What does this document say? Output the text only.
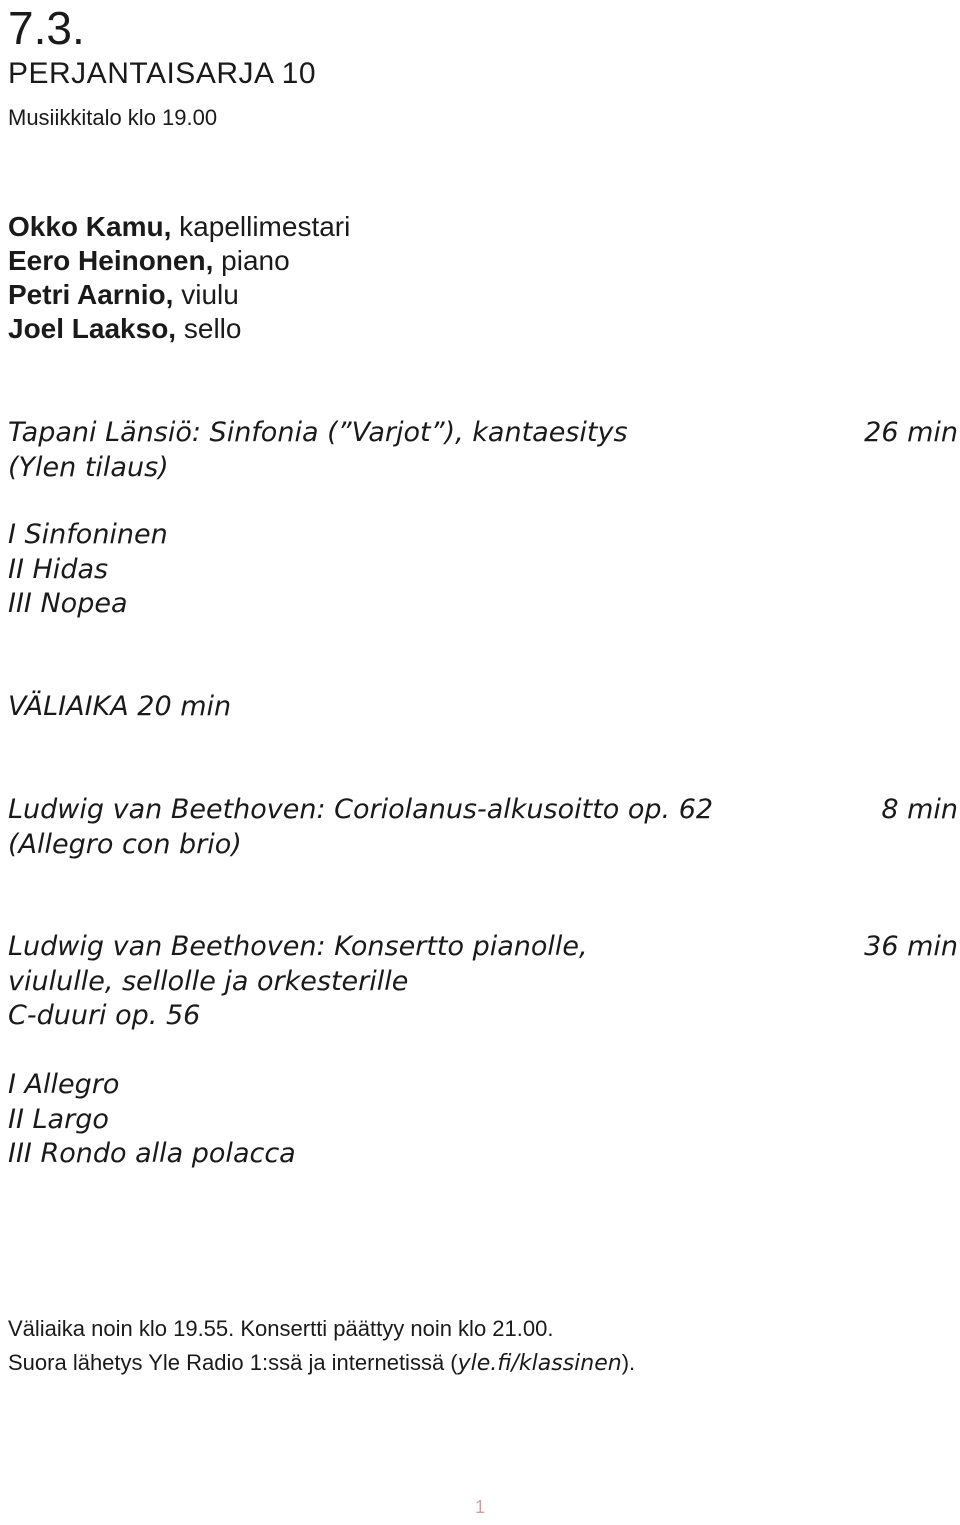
7.3.
PERJANTAISARJA 10
Musiikkitalo klo 19.00
Okko Kamu, kapellimestari
Eero Heinonen, piano
Petri Aarnio, viulu
Joel Laakso, sello
Tapani Länsiö: Sinfonia (”Varjot”), kantaesitys
(Ylen tilaus)
26 min
I Sinfoninen
II Hidas
III Nopea
VÄLIAIKA 20 min
Ludwig van Beethoven: Coriolanus-alkusoitto op. 62
(Allegro con brio)
8 min
Ludwig van Beethoven: Konsertto pianolle,
viululle, sellolle ja orkesterille
C-duuri op. 56
36 min
I Allegro
II Largo
III Rondo alla polacca
Väliaika noin klo 19.55. Konsertti päättyy noin klo 21.00.
Suora lähetys Yle Radio 1:ssä ja internetissä (yle.fi/klassinen).
1
